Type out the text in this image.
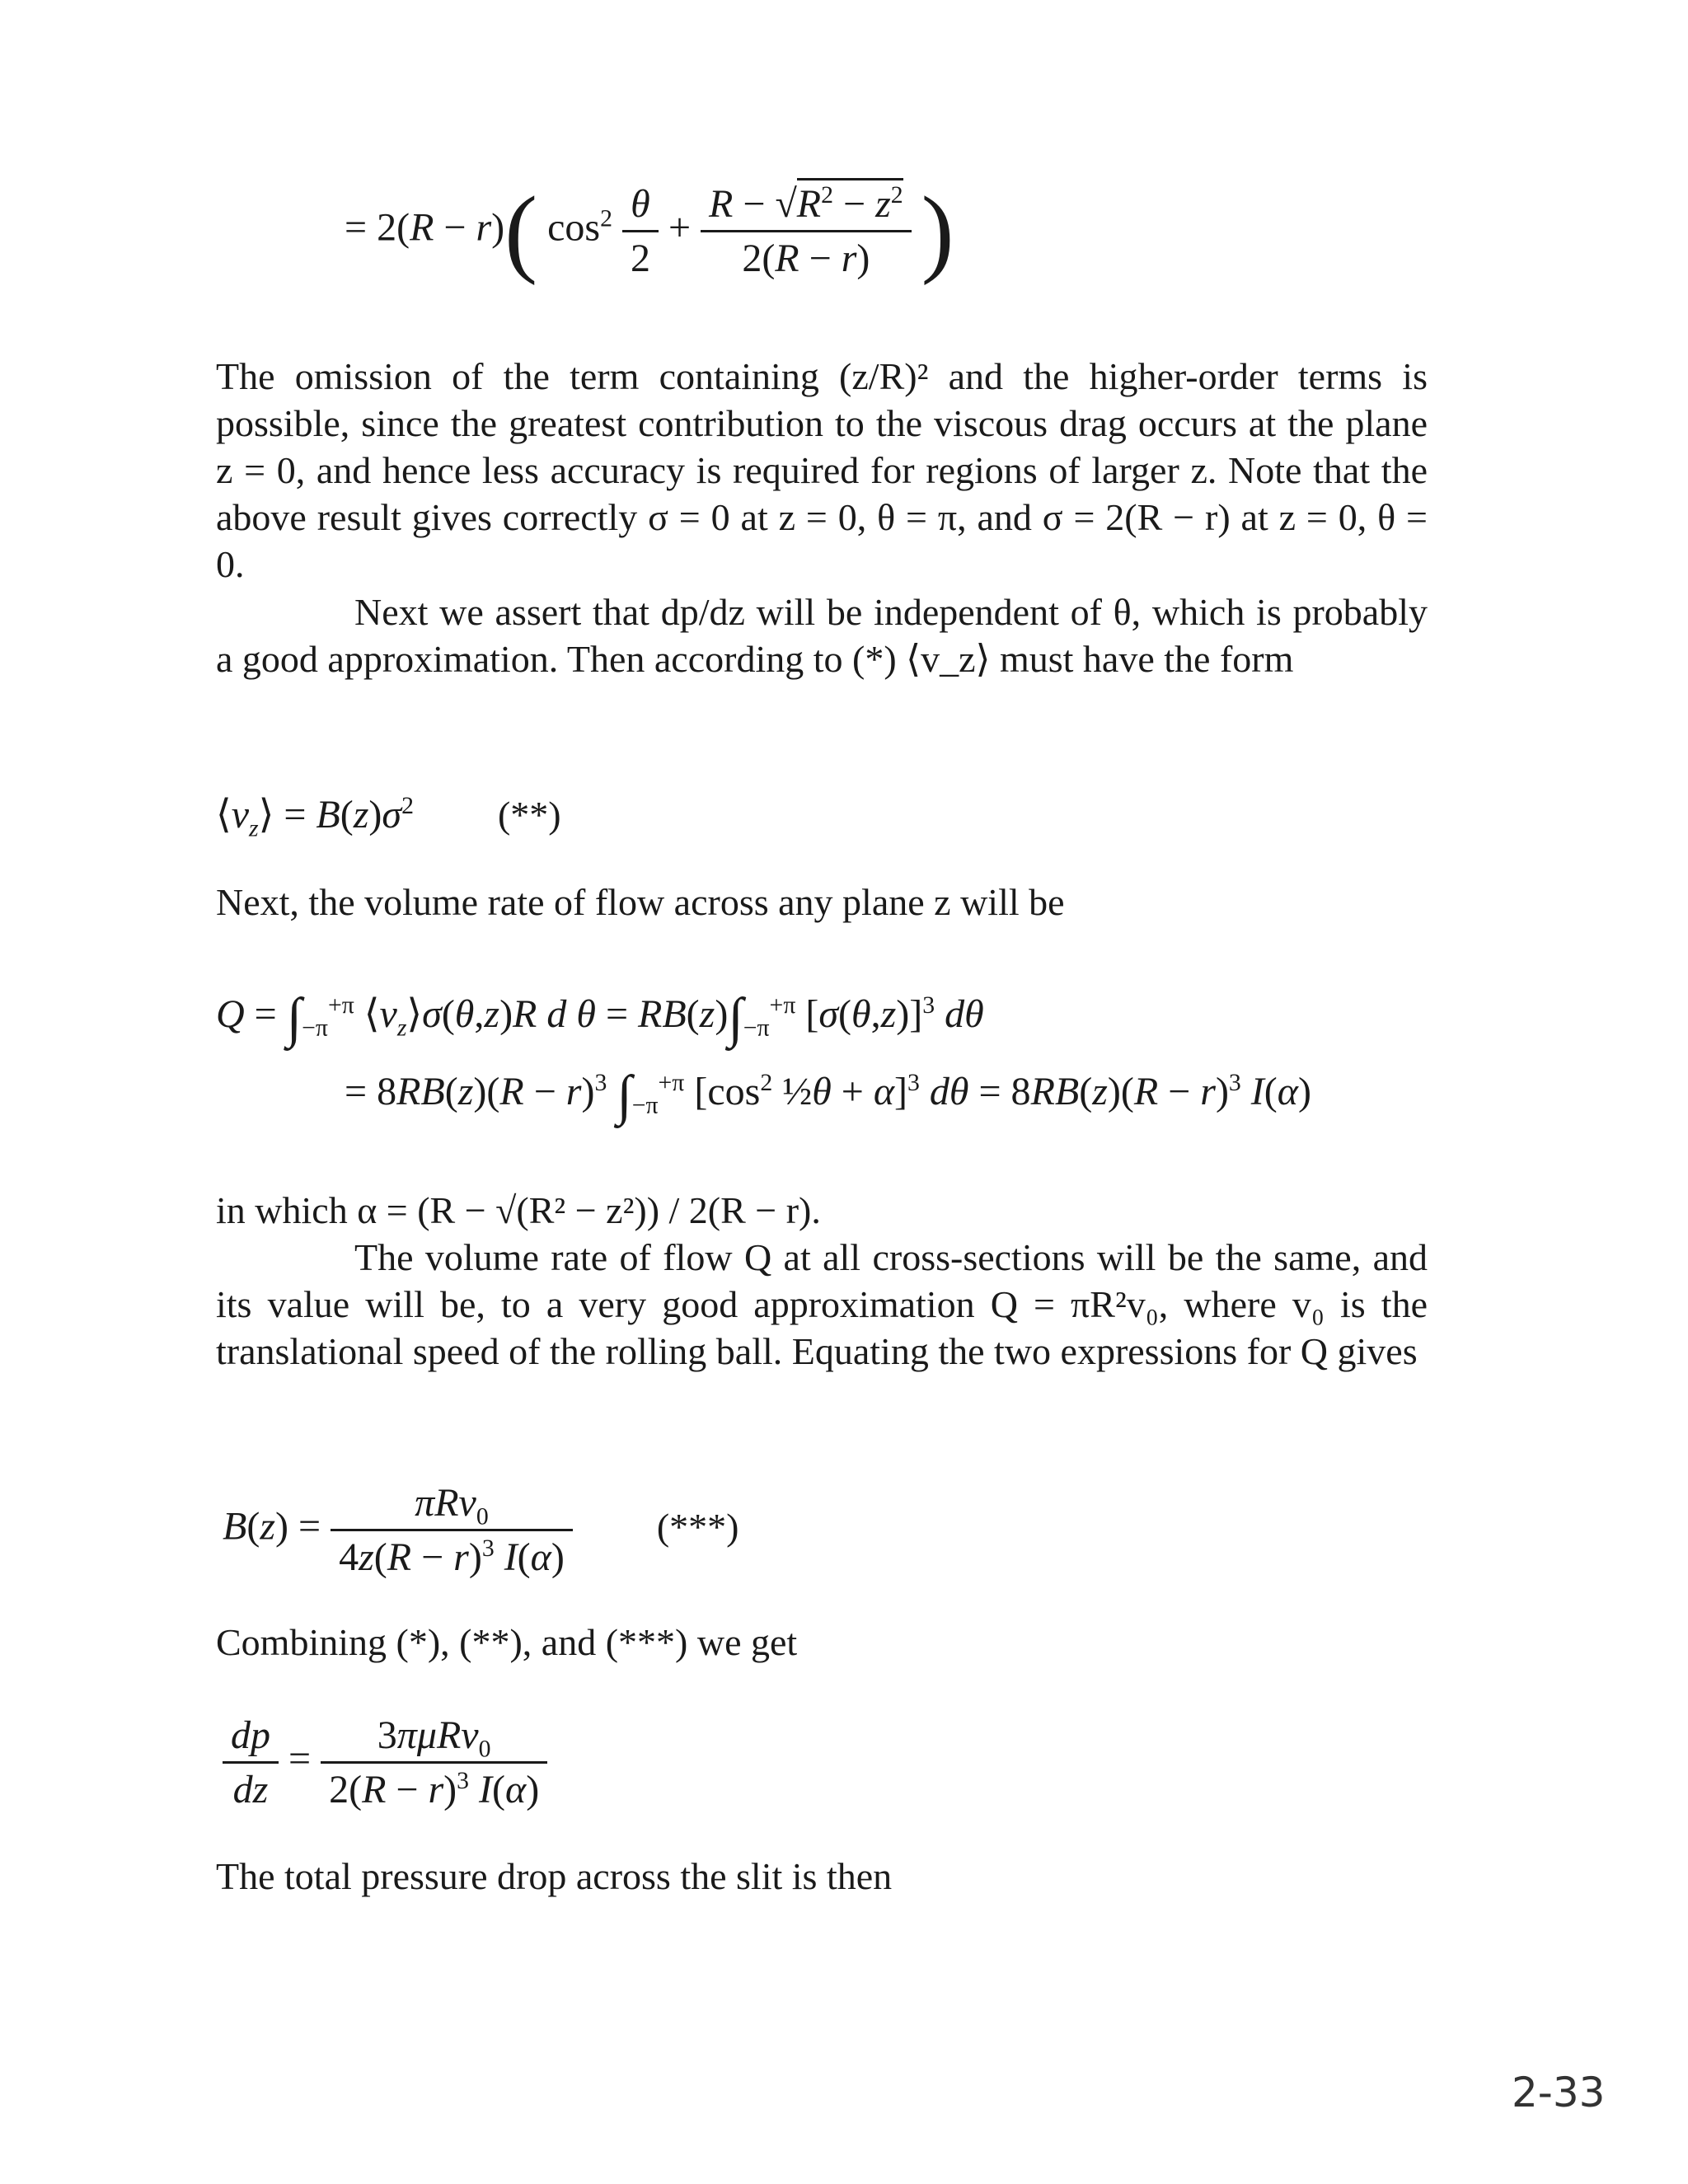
= 2(R − r)( $\cos^2 \frac{\theta}{2} + \frac{R - √R^2 - z^2}{2(R - r)}$ )

The omission of the term containing (z/R)² and the higher-order terms is possible, since the greatest contribution to the viscous drag occurs at the plane z = 0, and hence less accuracy is required for regions of larger z. Note that the above result gives correctly σ = 0 at z = 0, θ = π, and σ = 2(R − r) at z = 0, θ = 0.

Next we assert that dp/dz will be independent of θ, which is probably a good approximation. Then according to (*) ⟨v_z⟩ must have the form

$⟨v_z⟩ = B(z)\sigma^2$ (**)

Next, the volume rate of flow across any plane z will be

$Q = \int_{-\pi}^{+\pi}$ $⟨v_z⟩\sigma(\theta,z)R$ d $\theta = RB(z)\int_{-\pi}^{+\pi}$ $[\sigma(\theta,z)]^3$ dθ
= $8RB(z)(R - r)^3$ $\int_{-\pi}^{+\pi}$ [$\cos^2$ ½θ + α]$^3$ $d\theta = 8RB(z)(R - r)^3$ I(α)

in which α = (R − √(R² − z²)) / 2(R − r).

The volume rate of flow Q at all cross-sections will be the same, and its value will be, to a very good approximation Q = πR²v₀, where v₀ is the translational speed of the rolling ball. Equating the two expressions for Q gives

$B(z) = \frac{\pi Rv_0}{4z(R - r)^3 I(\alpha)}$ (***)

Combining (*), (**), and (***) we get

$\frac{dp}{dz} = \frac{3\pi\mu Rv_0}{2(R - r)^3 I(\alpha)}$

The total pressure drop across the slit is then

2-33
